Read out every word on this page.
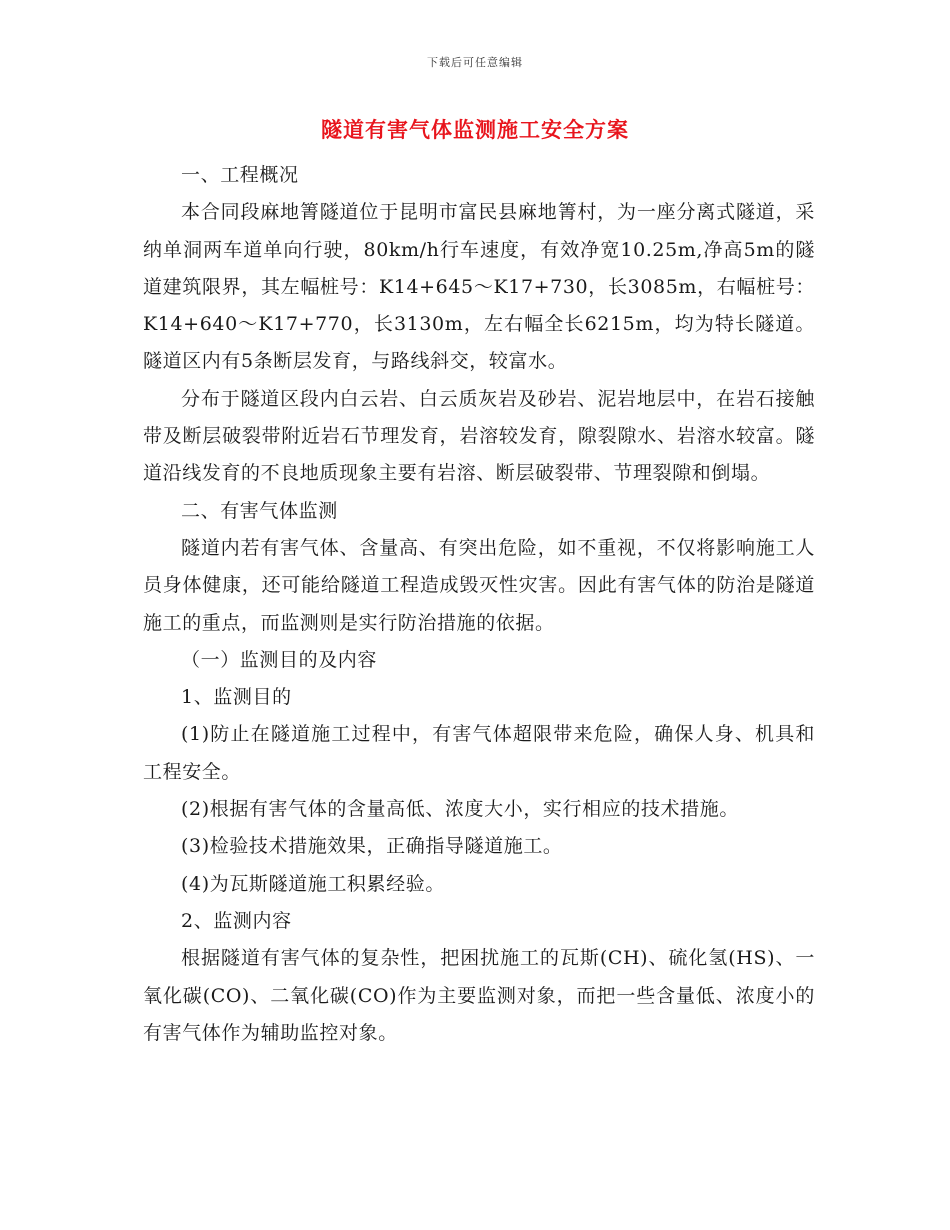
下载后可任意编辑
隧道有害气体监测施工安全方案

一、工程概况

本合同段麻地箐隧道位于昆明市富民县麻地箐村，为一座分离式隧道，采纳单洞两车道单向行驶，80km/h行车速度，有效净宽10.25m,净高5m的隧道建筑限界，其左幅桩号：K14+645～K17+730，长3085m，右幅桩号：K14+640～K17+770，长3130m，左右幅全长6215m，均为特长隧道。隧道区内有5条断层发育，与路线斜交，较富水。

分布于隧道区段内白云岩、白云质灰岩及砂岩、泥岩地层中，在岩石接触带及断层破裂带附近岩石节理发育，岩溶较发育，隙裂隙水、岩溶水较富。隧道沿线发育的不良地质现象主要有岩溶、断层破裂带、节理裂隙和倒塌。

二、有害气体监测

隧道内若有害气体、含量高、有突出危险，如不重视，不仅将影响施工人员身体健康，还可能给隧道工程造成毁灭性灾害。因此有害气体的防治是隧道施工的重点，而监测则是实行防治措施的依据。

（一）监测目的及内容

1、监测目的

(1)防止在隧道施工过程中，有害气体超限带来危险，确保人身、机具和工程安全。

(2)根据有害气体的含量高低、浓度大小，实行相应的技术措施。

(3)检验技术措施效果，正确指导隧道施工。

(4)为瓦斯隧道施工积累经验。

2、监测内容

根据隧道有害气体的复杂性，把困扰施工的瓦斯(CH)、硫化氢(HS)、一氧化碳(CO)、二氧化碳(CO)作为主要监测对象，而把一些含量低、浓度小的有害气体作为辅助监控对象。
